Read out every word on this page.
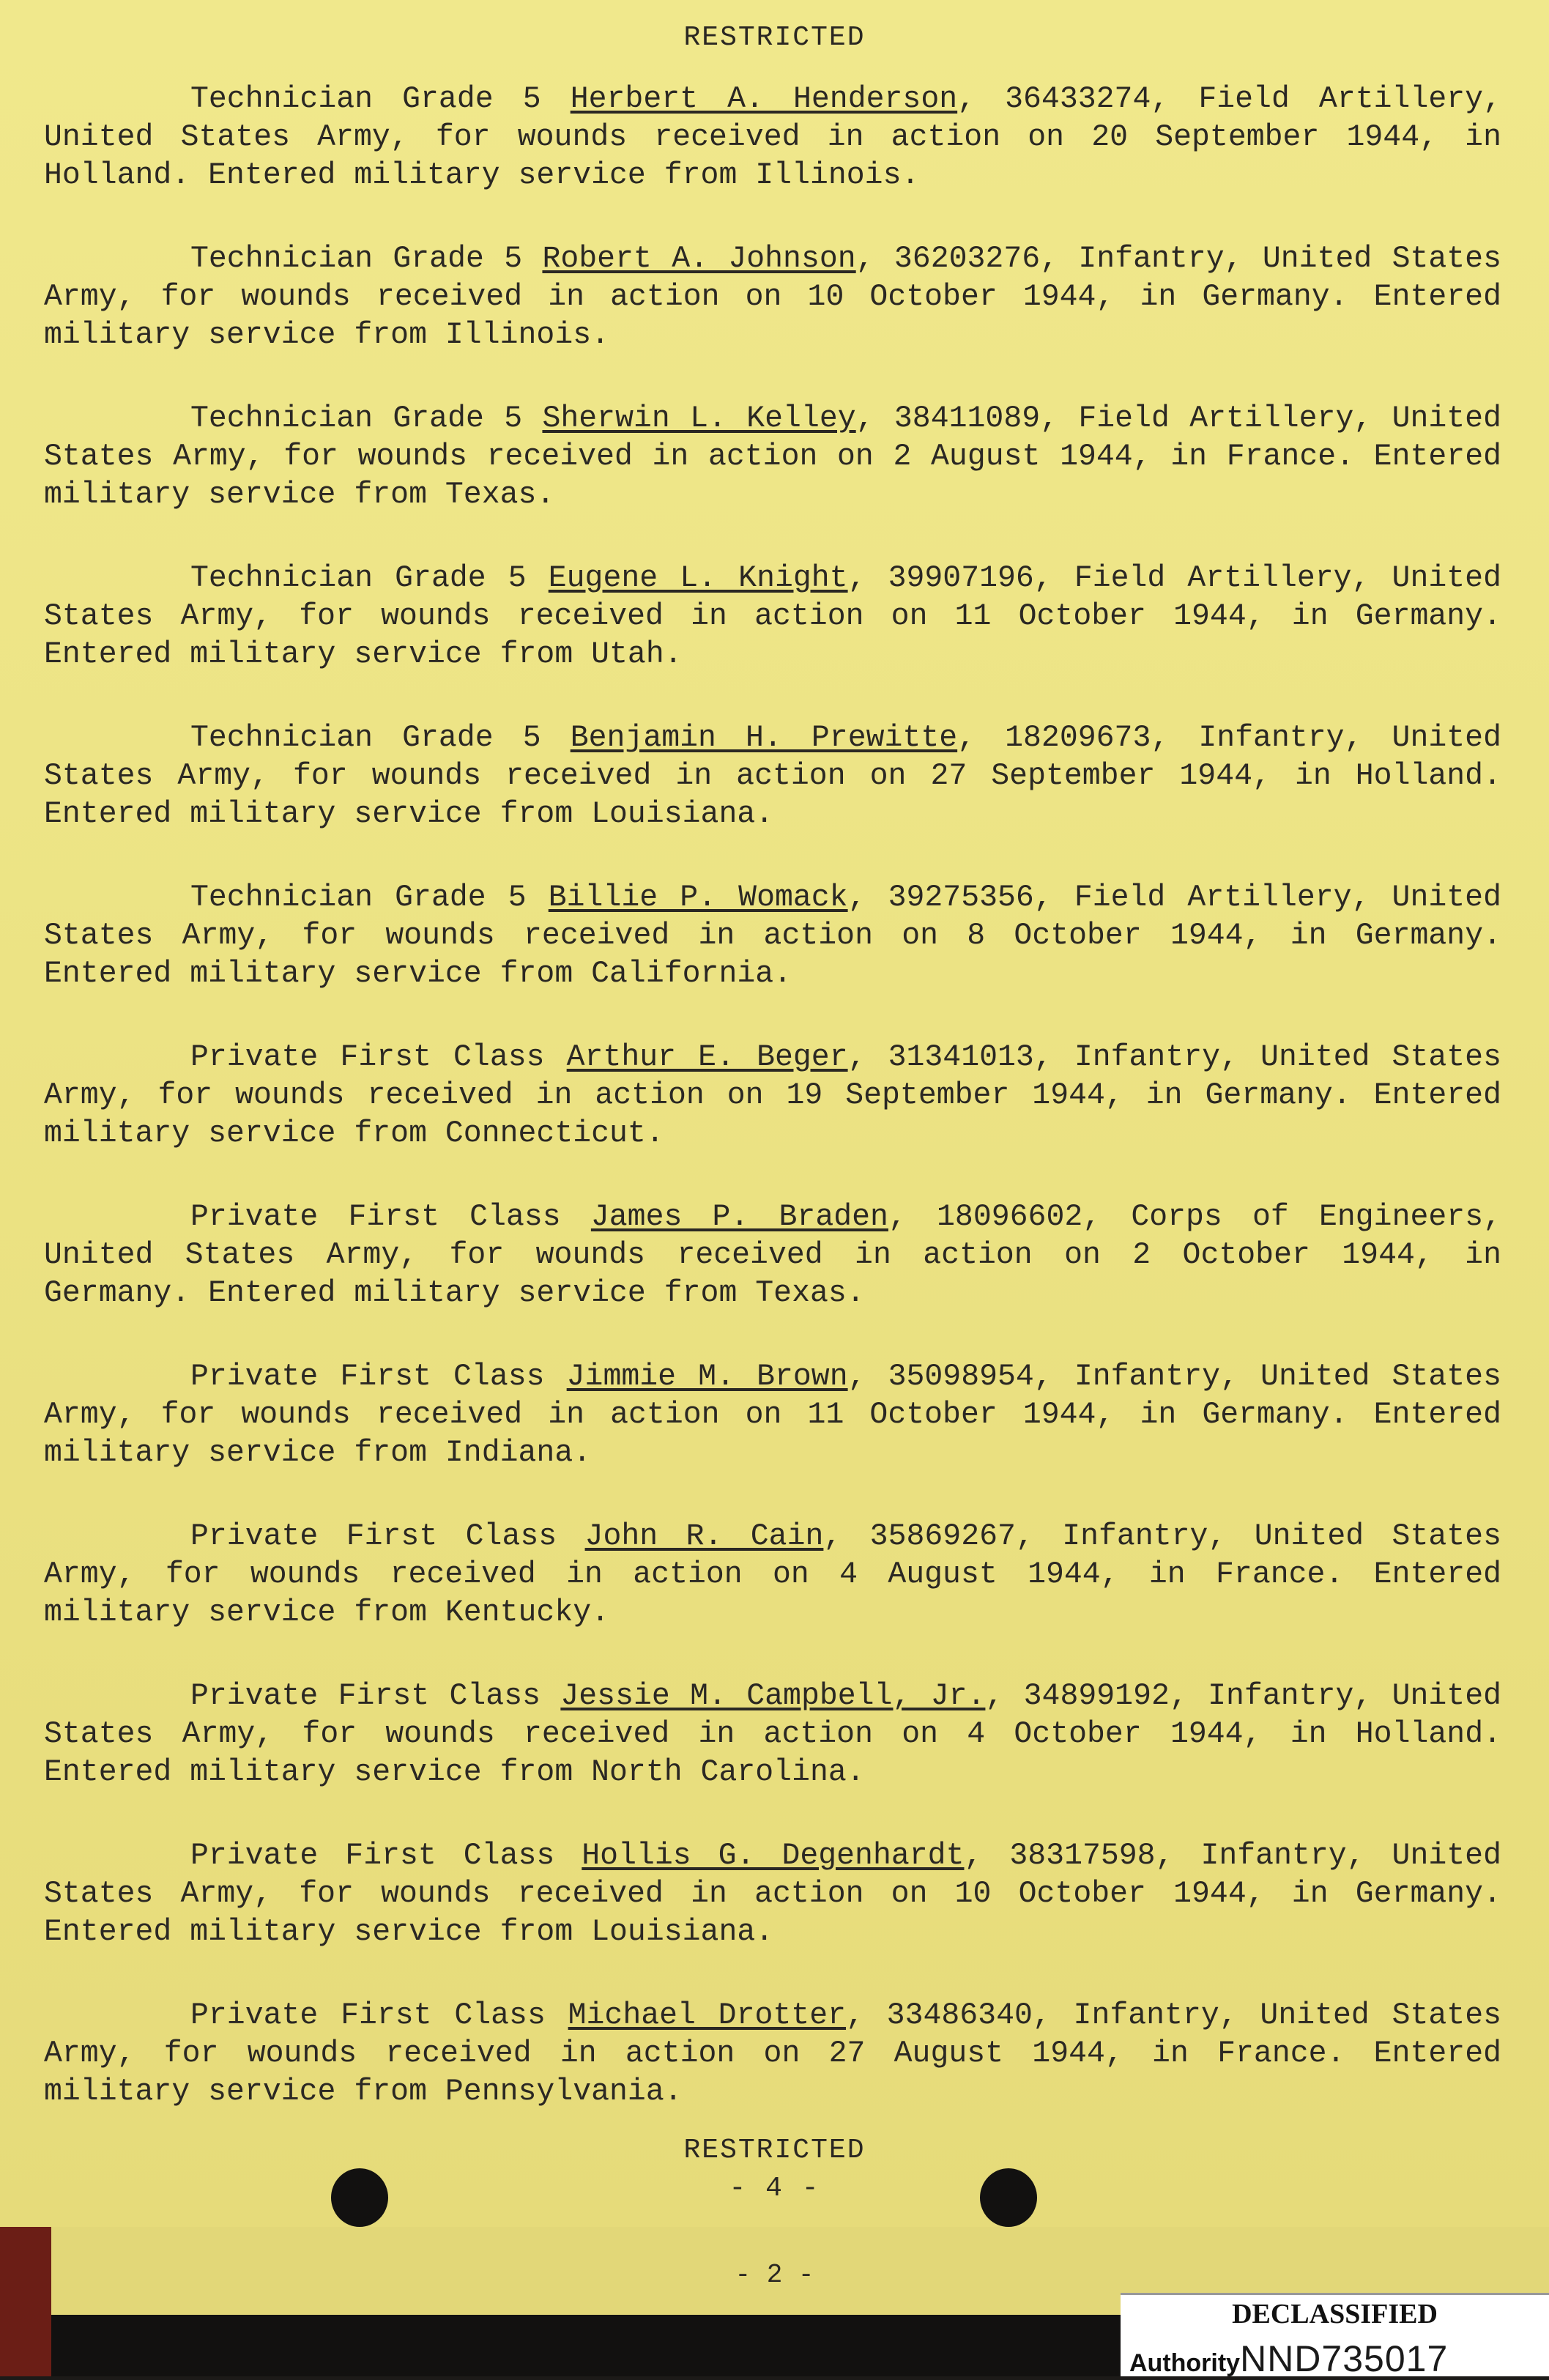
RESTRICTED

Technician Grade 5 Herbert A. Henderson, 36433274, Field Artillery, United States Army, for wounds received in action on 20 September 1944, in Holland. Entered military service from Illinois.

Technician Grade 5 Robert A. Johnson, 36203276, Infantry, United States Army, for wounds received in action on 10 October 1944, in Germany. Entered military service from Illinois.

Technician Grade 5 Sherwin L. Kelley, 38411089, Field Artillery, United States Army, for wounds received in action on 2 August 1944, in France. Entered military service from Texas.

Technician Grade 5 Eugene L. Knight, 39907196, Field Artillery, United States Army, for wounds received in action on 11 October 1944, in Germany. Entered military service from Utah.

Technician Grade 5 Benjamin H. Prewitte, 18209673, Infantry, United States Army, for wounds received in action on 27 September 1944, in Holland. Entered military service from Louisiana.

Technician Grade 5 Billie P. Womack, 39275356, Field Artillery, United States Army, for wounds received in action on 8 October 1944, in Germany. Entered military service from California.

Private First Class Arthur E. Beger, 31341013, Infantry, United States Army, for wounds received in action on 19 September 1944, in Germany. Entered military service from Connecticut.

Private First Class James P. Braden, 18096602, Corps of Engineers, United States Army, for wounds received in action on 2 October 1944, in Germany. Entered military service from Texas.

Private First Class Jimmie M. Brown, 35098954, Infantry, United States Army, for wounds received in action on 11 October 1944, in Germany. Entered military service from Indiana.

Private First Class John R. Cain, 35869267, Infantry, United States Army, for wounds received in action on 4 August 1944, in France. Entered military service from Kentucky.

Private First Class Jessie M. Campbell, Jr., 34899192, Infantry, United States Army, for wounds received in action on 4 October 1944, in Holland. Entered military service from North Carolina.

Private First Class Hollis G. Degenhardt, 38317598, Infantry, United States Army, for wounds received in action on 10 October 1944, in Germany. Entered military service from Louisiana.

Private First Class Michael Drotter, 33486340, Infantry, United States Army, for wounds received in action on 27 August 1944, in France. Entered military service from Pennsylvania.

RESTRICTED
- 4 -
- 2 -
DECLASSIFIED
AuthorityNND735017
